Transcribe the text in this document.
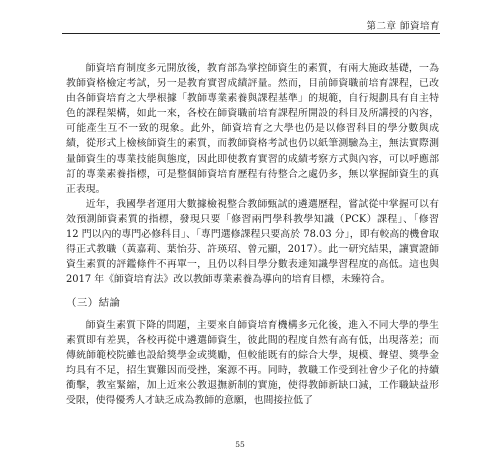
第二章 師資培育

師資培育制度多元開放後，教育部為掌控師資生的素質，有兩大施政基礎，一為教師資格檢定考試，另一是教育實習成績評量。然而，目前師資職前培育課程，已改由各師資培育之大學根據「教師專業素養與課程基準」的規範，自行規劃具有自主特色的課程架構，如此一來，各校在師資職前培育課程所開設的科目及所講授的內容，可能產生互不一致的現象。此外，師資培育之大學也仍是以修習科目的學分數與成績，從形式上檢核師資生的素質，而教師資格考試也仍以紙筆測驗為主，無法實際測量師資生的專業技能與態度，因此即使教育實習的成績考察方式與內容，可以呼應部訂的專業素養指標，可是整個師資培育歷程有待整合之處仍多，無以掌握師資生的真正表現。

近年，我國學者運用大數據檢視整合教師甄試的遴選歷程，嘗試從中掌握可以有效預測師資素質的指標，發現只要「修習兩門學科教學知識（PCK）課程」、「修習 12 門以內的專門必修科目」、「專門選修課程只要高於 78.03 分」，即有較高的機會取得正式教職（黃嘉莉、葉怡芬、許瑛玿、曾元顯，2017）。此一研究結果，讓實證師資生素質的評鑑條件不再單一，且仍以科目學分數表達知識學習程度的高低。這也與 2017 年《師資培育法》改以教師專業素養為導向的培育目標，未臻符合。

（三）結論

師資生素質下降的問題，主要來自師資培育機構多元化後，進入不同大學的學生素質即有差異，各校再從中遴選師資生，彼此間的程度自然有高有低，出現落差；而傳統師範校院雖也設給獎學金或獎勵，但較能既有的綜合大學，規模、聲望、獎學金均具有不足，招生實難因而受挫，案源不再。同時，教職工作受到社會少子化的持續衝擊，教室緊縮，加上近來公教退撫新制的實施，使得教師新缺口減，工作職缺益形受限，使得優秀人才缺乏成為教師的意願，也間接拉低了

55
